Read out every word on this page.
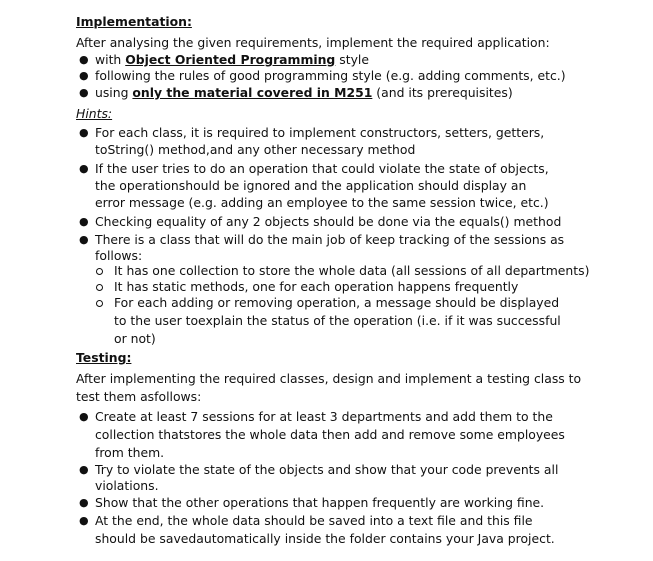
Implementation:
After analysing the given requirements, implement the required application:
● with Object Oriented Programming style
● following the rules of good programming style (e.g. adding comments, etc.)
● using only the material covered in M251 (and its prerequisites)
Hints:
● For each class, it is required to implement constructors, setters, getters,
toString() method,and any other necessary method
● If the user tries to do an operation that could violate the state of objects,
the operationshould be ignored and the application should display an
error message (e.g. adding an employee to the same session twice, etc.)
● Checking equality of any 2 objects should be done via the equals() method
● There is a class that will do the main job of keep tracking of the sessions as
follows:
It has one collection to store the whole data (all sessions of all departments)
It has static methods, one for each operation happens frequently
For each adding or removing operation, a message should be displayed
to the user toexplain the status of the operation (i.e. if it was successful
or not)
Testing:
After implementing the required classes, design and implement a testing class to
test them asfollows:
● Create at least 7 sessions for at least 3 departments and add them to the
collection thatstores the whole data then add and remove some employees
from them.
● Try to violate the state of the objects and show that your code prevents all
violations.
● Show that the other operations that happen frequently are working fine.
● At the end, the whole data should be saved into a text file and this file
should be savedautomatically inside the folder contains your Java project.
